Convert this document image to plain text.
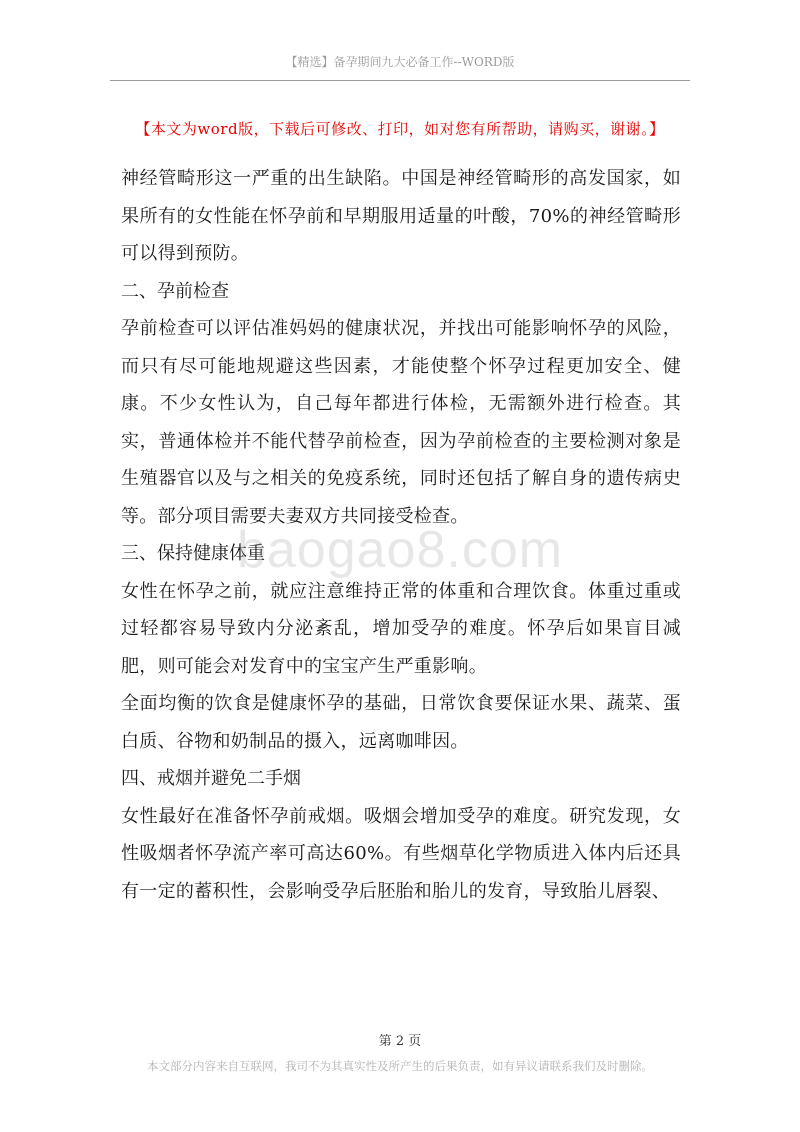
【精选】备孕期间九大必备工作--WORD版
【本文为word版，下载后可修改、打印，如对您有所帮助，请购买，谢谢。】

神经管畸形这一严重的出生缺陷。中国是神经管畸形的高发国家，如果所有的女性能在怀孕前和早期服用适量的叶酸，70%的神经管畸形可以得到预防。

二、孕前检查

孕前检查可以评估准妈妈的健康状况，并找出可能影响怀孕的风险，而只有尽可能地规避这些因素，才能使整个怀孕过程更加安全、健康。不少女性认为，自己每年都进行体检，无需额外进行检查。其实，普通体检并不能代替孕前检查，因为孕前检查的主要检测对象是生殖器官以及与之相关的免疫系统，同时还包括了解自身的遗传病史等。部分项目需要夫妻双方共同接受检查。

三、保持健康体重

女性在怀孕之前，就应注意维持正常的体重和合理饮食。体重过重或过轻都容易导致内分泌紊乱，增加受孕的难度。怀孕后如果盲目减肥，则可能会对发育中的宝宝产生严重影响。

全面均衡的饮食是健康怀孕的基础，日常饮食要保证水果、蔬菜、蛋白质、谷物和奶制品的摄入，远离咖啡因。

四、戒烟并避免二手烟

女性最好在准备怀孕前戒烟。吸烟会增加受孕的难度。研究发现，女性吸烟者怀孕流产率可高达60%。有些烟草化学物质进入体内后还具有一定的蓄积性，会影响受孕后胚胎和胎儿的发育，导致胎儿唇裂、

baogao8.com
第 2 页
本文部分内容来自互联网，我司不为其真实性及所产生的后果负责，如有异议请联系我们及时删除。
